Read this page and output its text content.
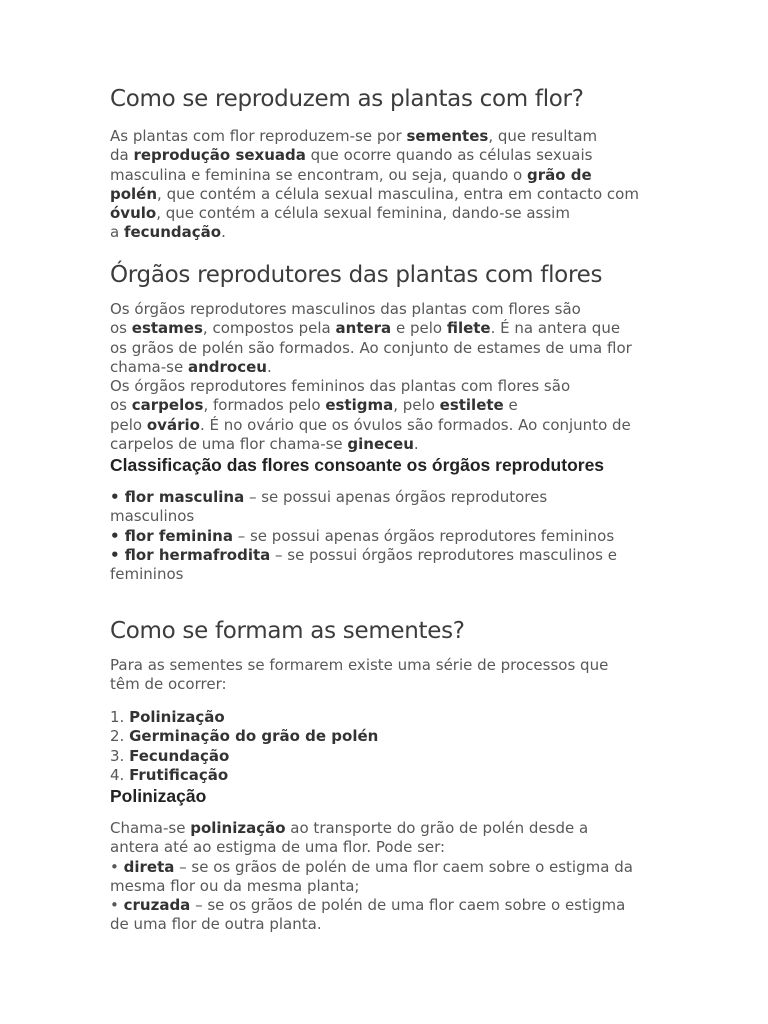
Como se reproduzem as plantas com flor?
As plantas com flor reproduzem-se por sementes, que resultam
da reprodução sexuada que ocorre quando as células sexuais
masculina e feminina se encontram, ou seja, quando o grão de
polén, que contém a célula sexual masculina, entra em contacto com
óvulo, que contém a célula sexual feminina, dando-se assim
a fecundação.
Órgãos reprodutores das plantas com flores
Os órgãos reprodutores masculinos das plantas com flores são
os estames, compostos pela antera e pelo filete. É na antera que
os grãos de polén são formados. Ao conjunto de estames de uma flor
chama-se androceu.
Os órgãos reprodutores femininos das plantas com flores são
os carpelos, formados pelo estigma, pelo estilete e
pelo ovário. É no ovário que os óvulos são formados. Ao conjunto de
carpelos de uma flor chama-se gineceu.
Classificação das flores consoante os órgãos reprodutores
• flor masculina – se possui apenas órgãos reprodutores
masculinos
• flor feminina – se possui apenas órgãos reprodutores femininos
• flor hermafrodita – se possui órgãos reprodutores masculinos e
femininos
Como se formam as sementes?
Para as sementes se formarem existe uma série de processos que
têm de ocorrer:
1. Polinização
2. Germinação do grão de polén
3. Fecundação
4. Frutificação
Polinização
Chama-se polinização ao transporte do grão de polén desde a
antera até ao estigma de uma flor. Pode ser:
• direta – se os grãos de polén de uma flor caem sobre o estigma da
mesma flor ou da mesma planta;
• cruzada – se os grãos de polén de uma flor caem sobre o estigma
de uma flor de outra planta.
